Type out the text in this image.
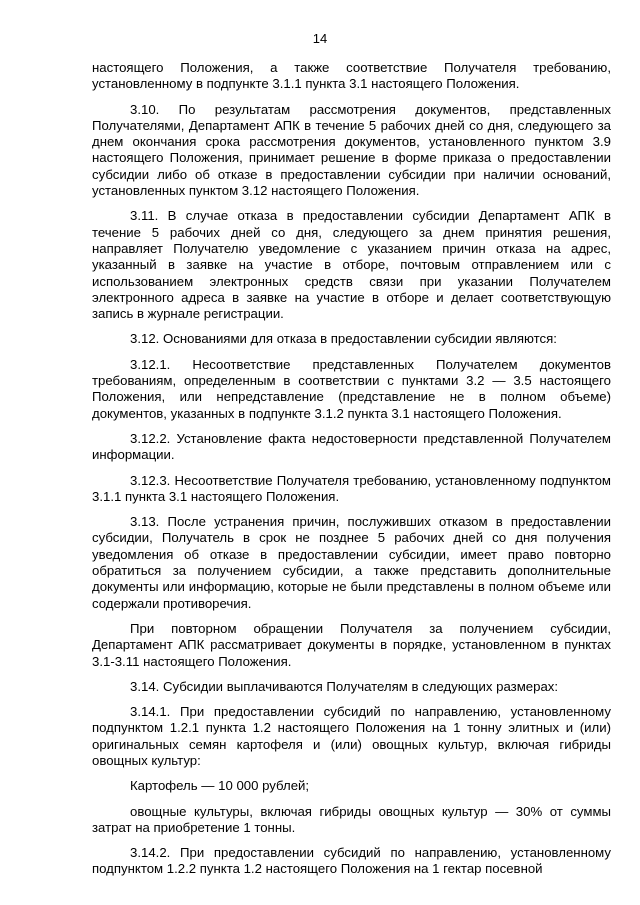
14

настоящего Положения, а также соответствие Получателя требованию, установленному в подпункте 3.1.1 пункта 3.1 настоящего Положения.

3.10. По результатам рассмотрения документов, представленных Получателями, Департамент АПК в течение 5 рабочих дней со дня, следующего за днем окончания срока рассмотрения документов, установленного пунктом 3.9 настоящего Положения, принимает решение в форме приказа о предоставлении субсидии либо об отказе в предоставлении субсидии при наличии оснований, установленных пунктом 3.12 настоящего Положения.

3.11. В случае отказа в предоставлении субсидии Департамент АПК в течение 5 рабочих дней со дня, следующего за днем принятия решения, направляет Получателю уведомление с указанием причин отказа на адрес, указанный в заявке на участие в отборе, почтовым отправлением или с использованием электронных средств связи при указании Получателем электронного адреса в заявке на участие в отборе и делает соответствующую запись в журнале регистрации.

3.12. Основаниями для отказа в предоставлении субсидии являются:

3.12.1. Несоответствие представленных Получателем документов требованиям, определенным в соответствии с пунктами 3.2 — 3.5 настоящего Положения, или непредставление (представление не в полном объеме) документов, указанных в подпункте 3.1.2 пункта 3.1 настоящего Положения.

3.12.2. Установление факта недостоверности представленной Получателем информации.

3.12.3. Несоответствие Получателя требованию, установленному подпунктом 3.1.1 пункта 3.1 настоящего Положения.

3.13. После устранения причин, послуживших отказом в предоставлении субсидии, Получатель в срок не позднее 5 рабочих дней со дня получения уведомления об отказе в предоставлении субсидии, имеет право повторно обратиться за получением субсидии, а также представить дополнительные документы или информацию, которые не были представлены в полном объеме или содержали противоречия.

При повторном обращении Получателя за получением субсидии, Департамент АПК рассматривает документы в порядке, установленном в пунктах 3.1-3.11 настоящего Положения.

3.14. Субсидии выплачиваются Получателям в следующих размерах:

3.14.1. При предоставлении субсидий по направлению, установленному подпунктом 1.2.1 пункта 1.2 настоящего Положения на 1 тонну элитных и (или) оригинальных семян картофеля и (или) овощных культур, включая гибриды овощных культур:

Картофель — 10 000 рублей;

овощные культуры, включая гибриды овощных культур — 30% от суммы затрат на приобретение 1 тонны.

3.14.2. При предоставлении субсидий по направлению, установленному подпунктом 1.2.2 пункта 1.2 настоящего Положения на 1 гектар посевной
